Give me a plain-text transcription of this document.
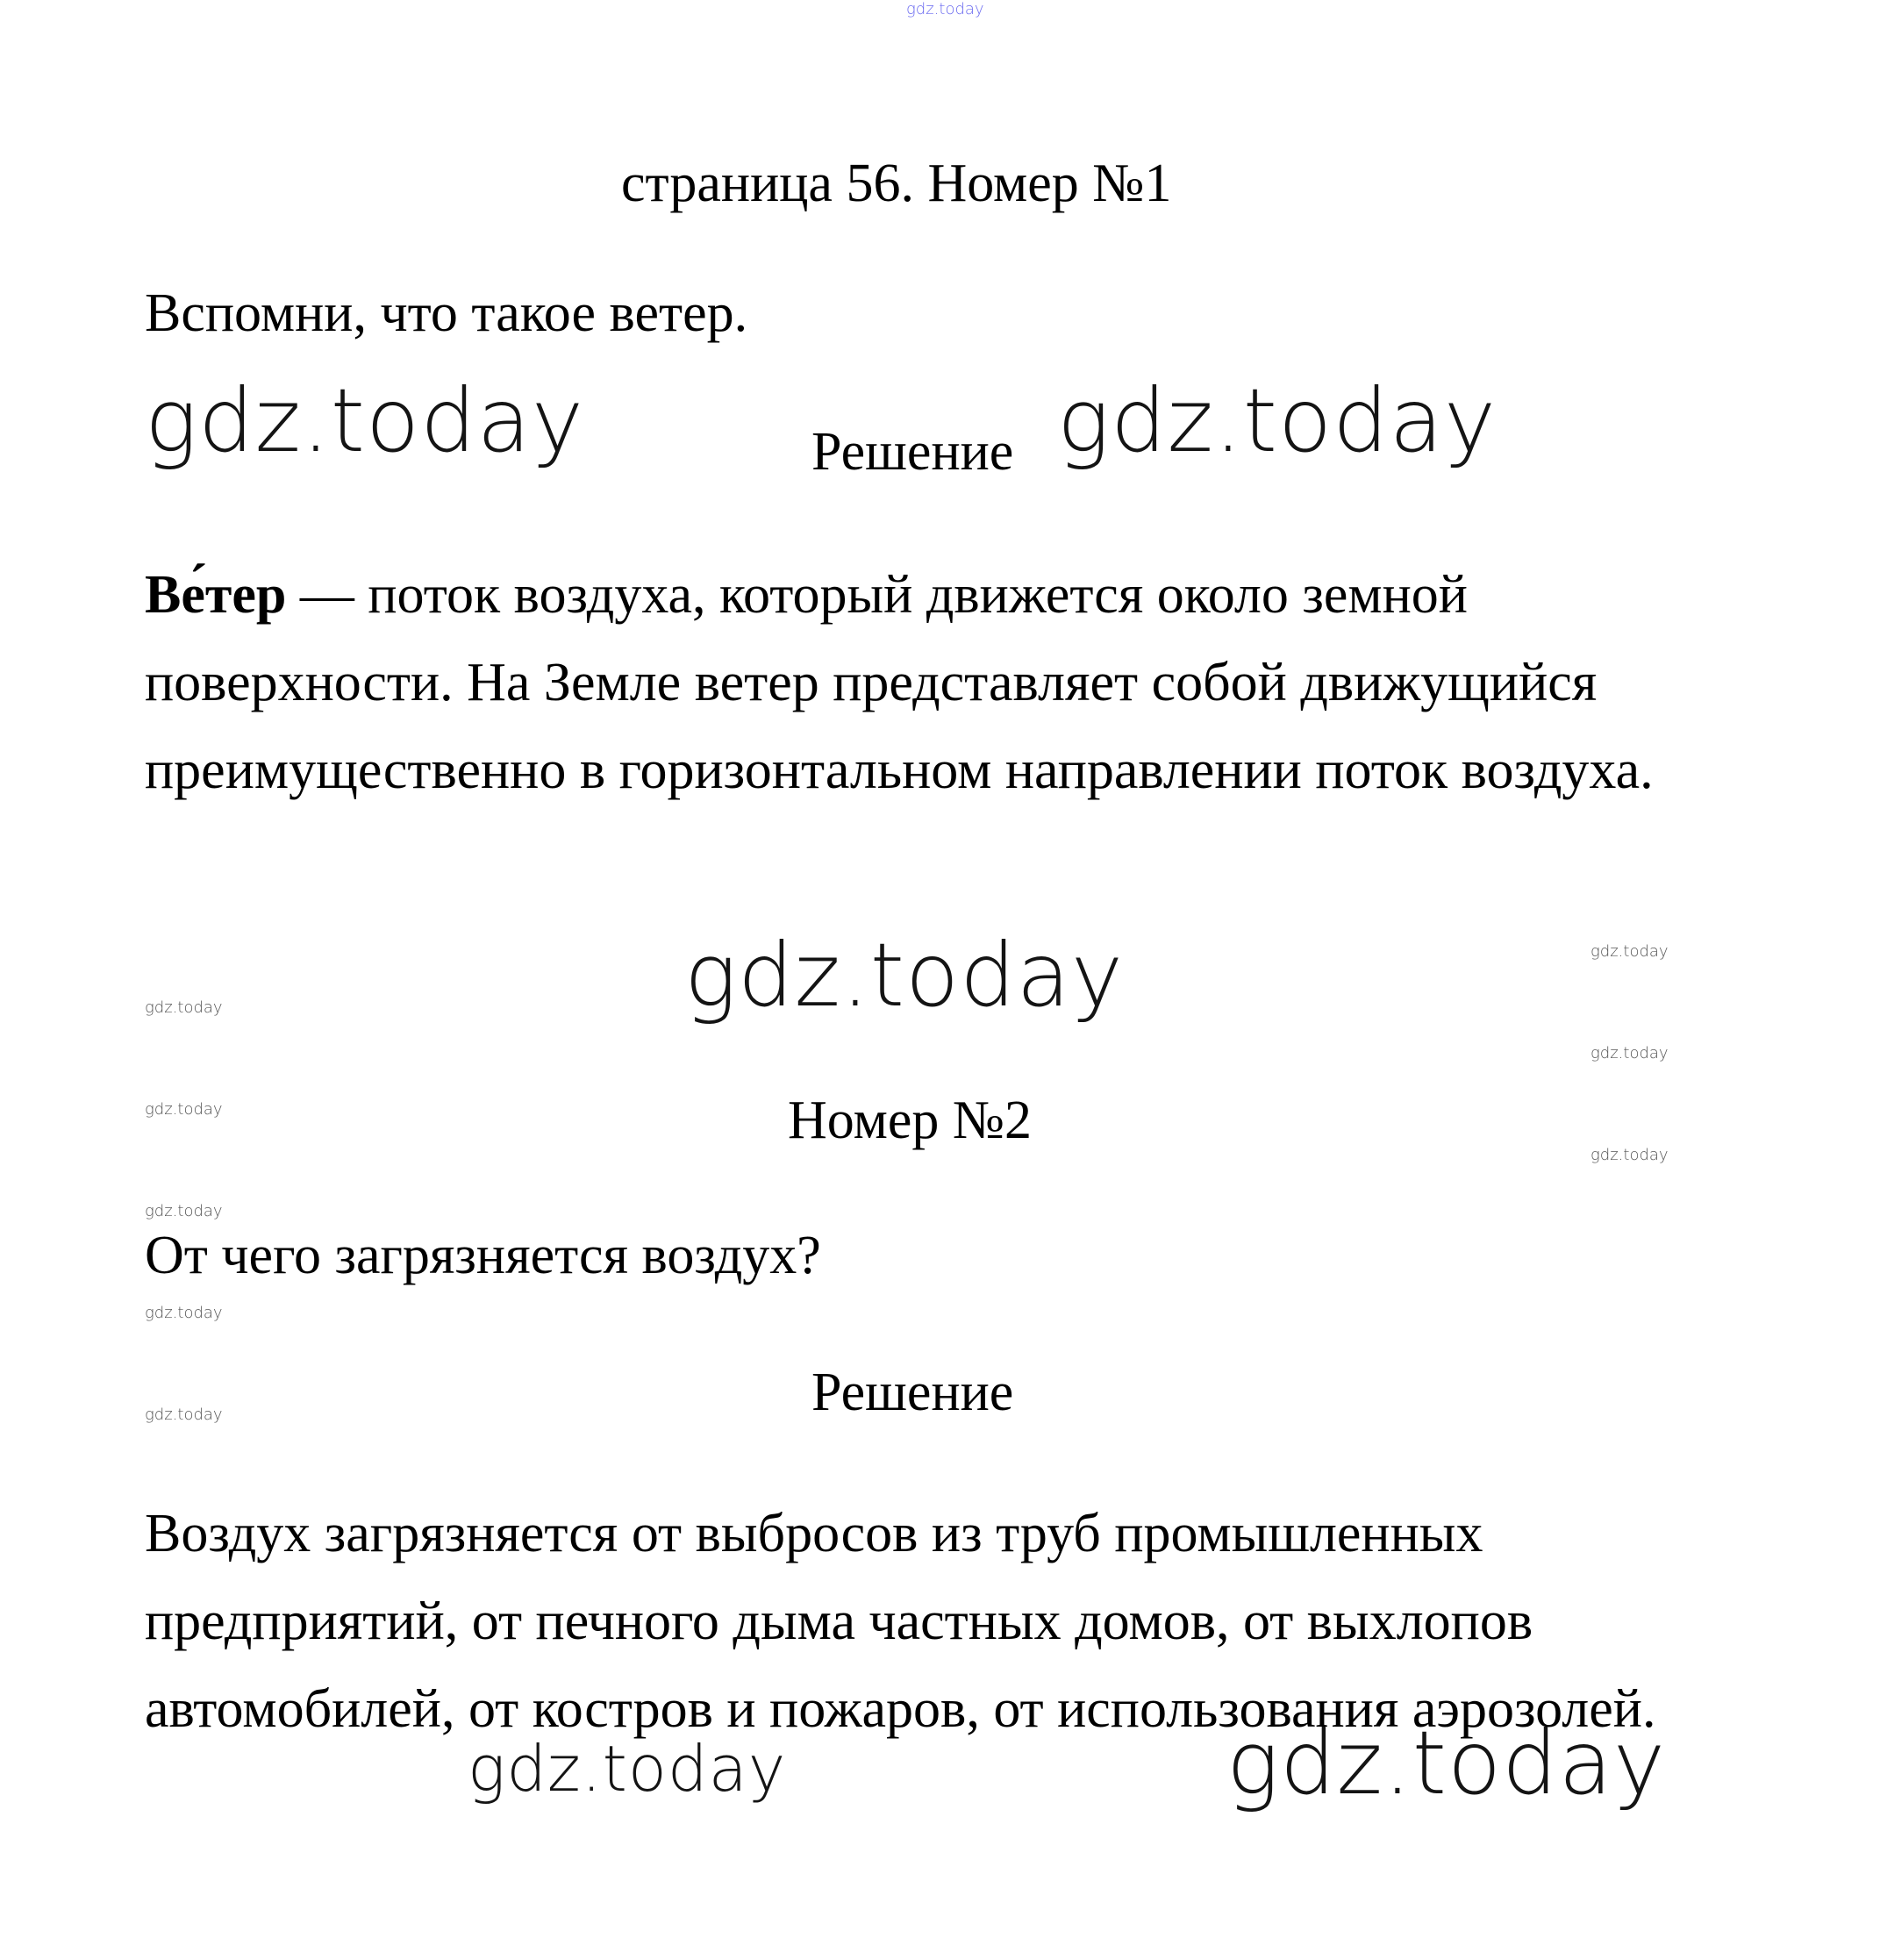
gdz.today
страница 56. Номер №1
Вспомни, что такое ветер.
gdz.today	Решение gdz.today
Ве́тер — поток воздуха, который движется около земной поверхности. На Земле ветер представляет собой движущийся преимущественно в горизонтальном направлении поток воздуха.
gdz.today	gdz.today
gdz.today
gdz.today
gdz.today
gdz.today
gdz.today
gdz.today
gdz.today
Номер №2
От чего загрязняется воздух?
Решение
Воздух загрязняется от выбросов из труб промышленных предприятий, от печного дыма частных домов, от выхлопов автомобилей, от костров и пожаров, от использования аэрозолей.
gdz.today	gdz.today
